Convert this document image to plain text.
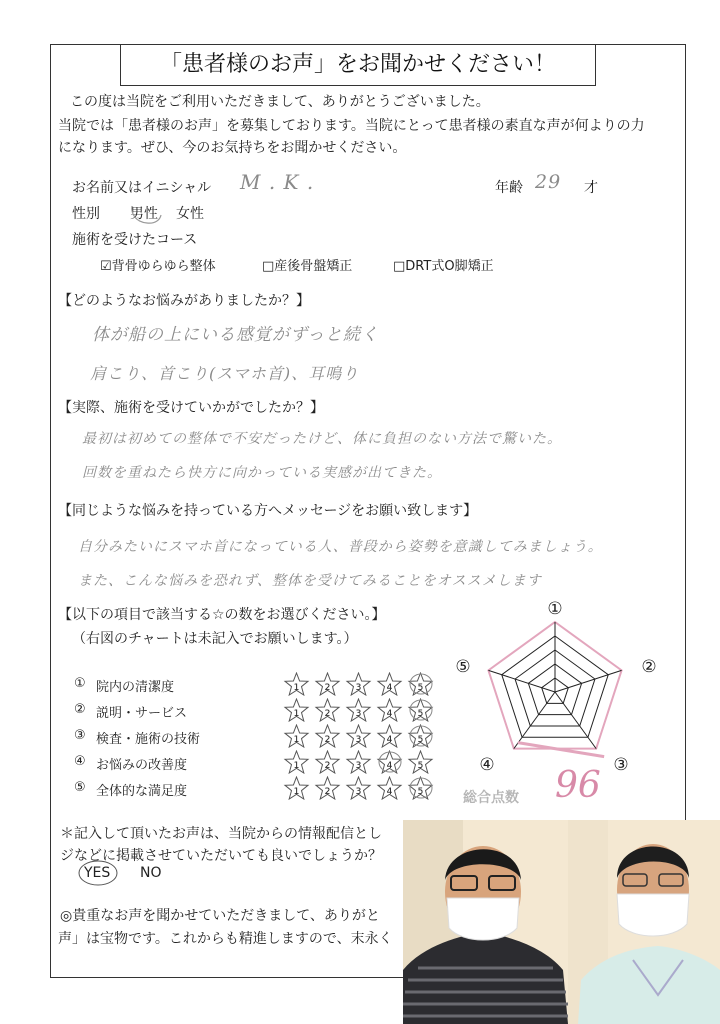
「患者様のお声」をお聞かせください！
この度は当院をご利用いただきまして、ありがとうございました。
当院では「患者様のお声」を募集しております。当院にとって患者様の素直な声が何よりの力
になります。ぜひ、今のお気持ちをお聞かせください。
お名前又はイニシャル M . K .	年齢 29 才
性別 男性 女性
施術を受けたコース
☑背骨ゆらゆら整体	□産後骨盤矯正	□DRT式O脚矯正
【どのようなお悩みがありましたか？】
体が船の上にいる感覚がずっと続く
肩こり、首こり(スマホ首)、耳鳴り
【実際、施術を受けていかがでしたか？】
最初は初めての整体で不安だったけど、体に負担のない方法で驚いた。
回数を重ねたら快方に向かっている実感が出てきた。
【同じような悩みを持っている方へメッセージをお願い致します】
自分みたいにスマホ首になっている人、普段から姿勢を意識してみましょう。
また、こんな悩みを恐れず、整体を受けてみることをオススメします
【以下の項目で該当する☆の数をお選びください。】
（右図のチャートは未記入でお願いします。）
① 院内の清潔度	1	2	3	4	5
② 説明・サービス	1	2	3	4	5
③ 検査・施術の技術	1	2	3	4	5
④ お悩みの改善度	1	2	3	4	5
⑤ 全体的な満足度	1	2	3	4	5
①
②
③
④
⑤
総合点数 96
＊記入して頂いたお声は、当院からの情報配信とし
ジなどに掲載させていただいても良いでしょうか？
YES NO
◎貴重なお声を聞かせていただきまして、ありがと
声」は宝物です。これからも精進しますので、末永く
